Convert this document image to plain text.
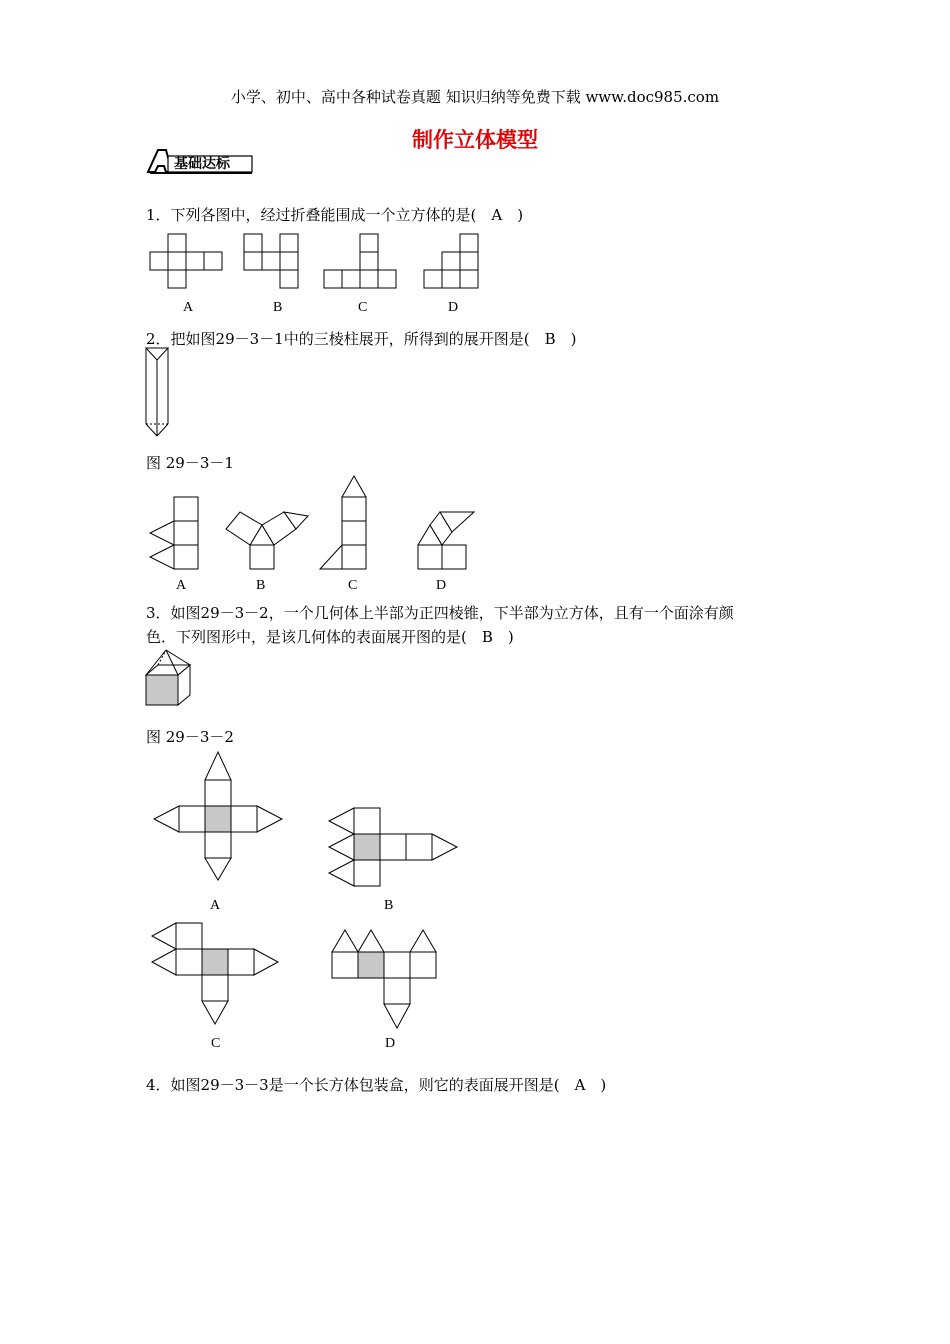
小学、初中、高中各种试卷真题 知识归纳等免费下载 www.doc985.com
制作立体模型
基础达标
1．下列各图中，经过折叠能围成一个立方体的是(　A　)
A	B	C	D
2．把如图29－3－1中的三棱柱展开，所得到的展开图是(　B　)
图 29－3－1
A	B	C	D
3．如图29－3－2，一个几何体上半部为正四棱锥，下半部为立方体，且有一个面涂有颜
色．下列图形中，是该几何体的表面展开图的是(　B　)
图 29－3－2
A	B
C	D
4．如图29－3－3是一个长方体包装盒，则它的表面展开图是(　A　)
